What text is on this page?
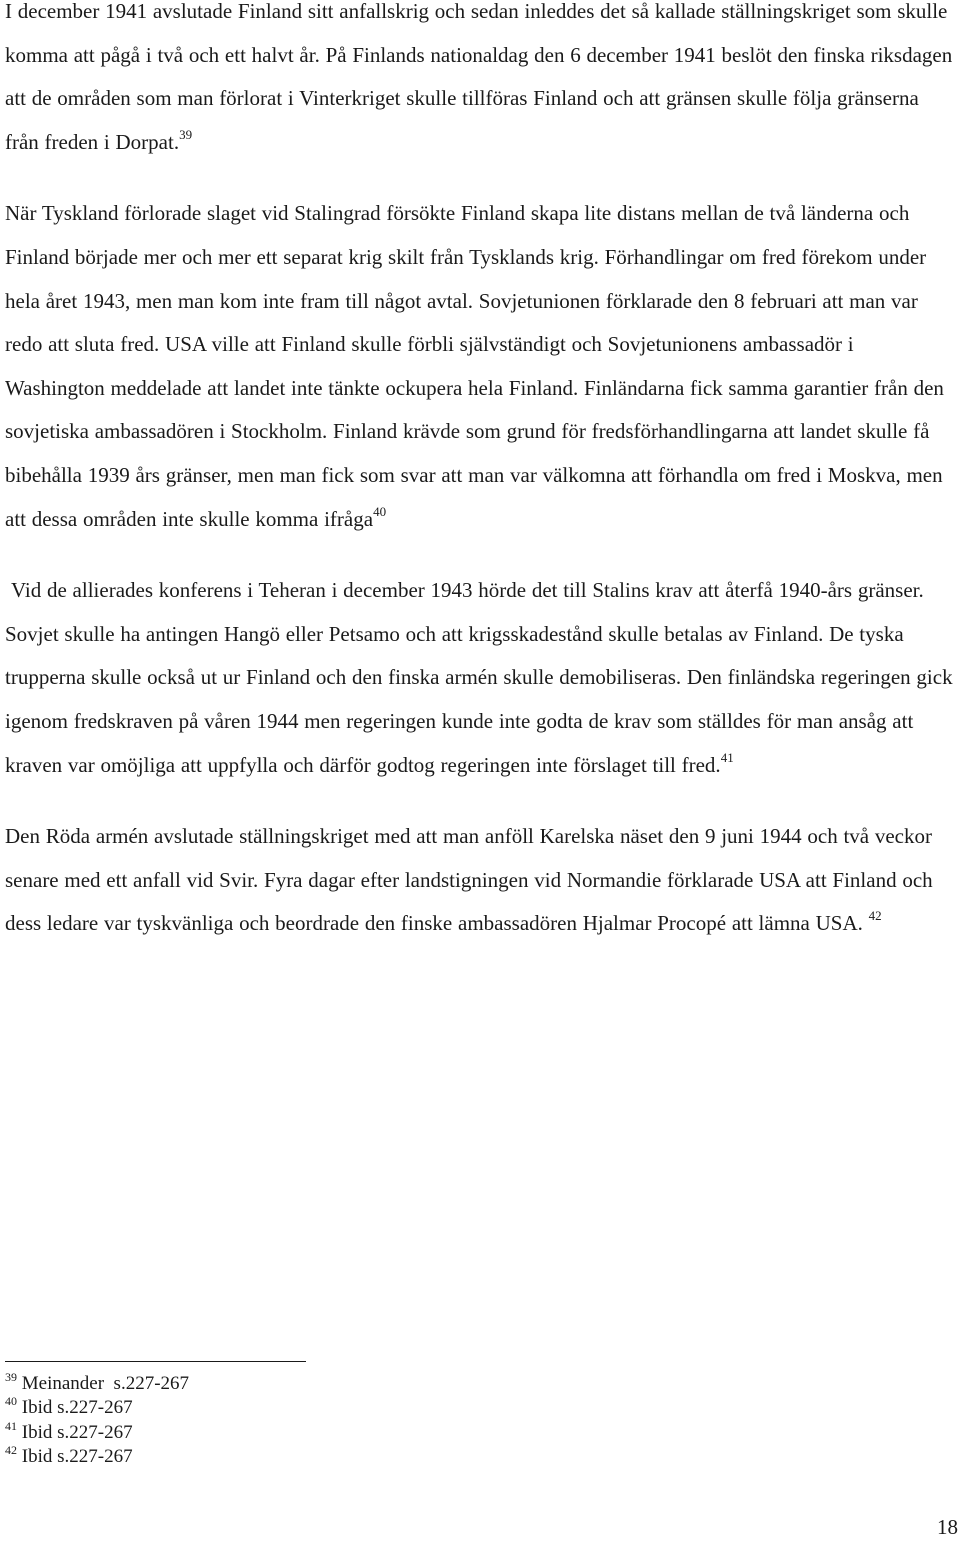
I december 1941 avslutade Finland sitt anfallskrig och sedan inleddes det så kallade ställningskriget som skulle komma att pågå i två och ett halvt år. På Finlands nationaldag den 6 december 1941 beslöt den finska riksdagen att de områden som man förlorat i Vinterkriget skulle tillföras Finland och att gränsen skulle följa gränserna från freden i Dorpat.$^{39}$

När Tyskland förlorade slaget vid Stalingrad försökte Finland skapa lite distans mellan de två länderna och Finland började mer och mer ett separat krig skilt från Tysklands krig. Förhandlingar om fred förekom under hela året 1943, men man kom inte fram till något avtal. Sovjetunionen förklarade den 8 februari att man var redo att sluta fred. USA ville att Finland skulle förbli självständigt och Sovjetunionens ambassadör i Washington meddelade att landet inte tänkte ockupera hela Finland. Finländarna fick samma garantier från den sovjetiska ambassadören i Stockholm. Finland krävde som grund för fredsförhandlingarna att landet skulle få bibehålla 1939 års gränser, men man fick som svar att man var välkomna att förhandla om fred i Moskva, men att dessa områden inte skulle komma ifråga$^{40}$

Vid de allierades konferens i Teheran i december 1943 hörde det till Stalins krav att återfå 1940-års gränser. Sovjet skulle ha antingen Hangö eller Petsamo och att krigsskadestånd skulle betalas av Finland. De tyska trupperna skulle också ut ur Finland och den finska armén skulle demobiliseras. Den finländska regeringen gick igenom fredskraven på våren 1944 men regeringen kunde inte godta de krav som ställdes för man ansåg att kraven var omöjliga att uppfylla och därför godtog regeringen inte förslaget till fred.$^{41}$

Den Röda armén avslutade ställningskriget med att man anföll Karelska näset den 9 juni 1944 och två veckor senare med ett anfall vid Svir. Fyra dagar efter landstigningen vid Normandie förklarade USA att Finland och dess ledare var tyskvänliga och beordrade den finske ambassadören Hjalmar Procopé att lämna USA. $^{42}$

$^{39}$ Meinander  s.227-267
$^{40}$ Ibid s.227-267
$^{41}$ Ibid s.227-267
$^{42}$ Ibid s.227-267
18
